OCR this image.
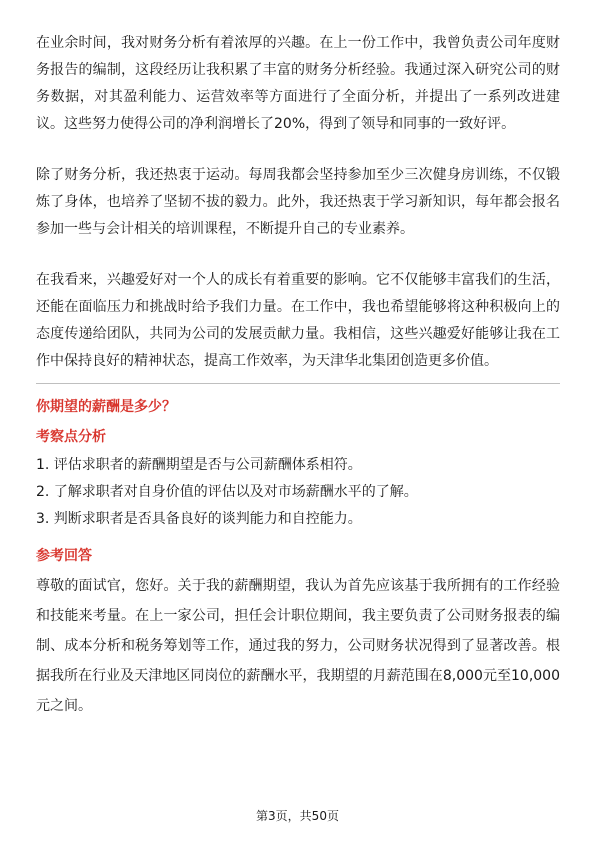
在业余时间，我对财务分析有着浓厚的兴趣。在上一份工作中，我曾负责公司年度财务报告的编制，这段经历让我积累了丰富的财务分析经验。我通过深入研究公司的财务数据，对其盈利能力、运营效率等方面进行了全面分析，并提出了一系列改进建议。这些努力使得公司的净利润增长了20%，得到了领导和同事的一致好评。

除了财务分析，我还热衷于运动。每周我都会坚持参加至少三次健身房训练，不仅锻炼了身体，也培养了坚韧不拔的毅力。此外，我还热衷于学习新知识，每年都会报名参加一些与会计相关的培训课程，不断提升自己的专业素养。

在我看来，兴趣爱好对一个人的成长有着重要的影响。它不仅能够丰富我们的生活，还能在面临压力和挑战时给予我们力量。在工作中，我也希望能够将这种积极向上的态度传递给团队，共同为公司的发展贡献力量。我相信，这些兴趣爱好能够让我在工作中保持良好的精神状态，提高工作效率，为天津华北集团创造更多价值。

你期望的薪酬是多少？
考察点分析
1. 评估求职者的薪酬期望是否与公司薪酬体系相符。
2. 了解求职者对自身价值的评估以及对市场薪酬水平的了解。
3. 判断求职者是否具备良好的谈判能力和自控能力。
参考回答

尊敬的面试官，您好。关于我的薪酬期望，我认为首先应该基于我所拥有的工作经验和技能来考量。在上一家公司，担任会计职位期间，我主要负责了公司财务报表的编制、成本分析和税务筹划等工作，通过我的努力，公司财务状况得到了显著改善。根据我所在行业及天津地区同岗位的薪酬水平，我期望的月薪范围在8,000元至10,000元之间。

第3页，共50页
